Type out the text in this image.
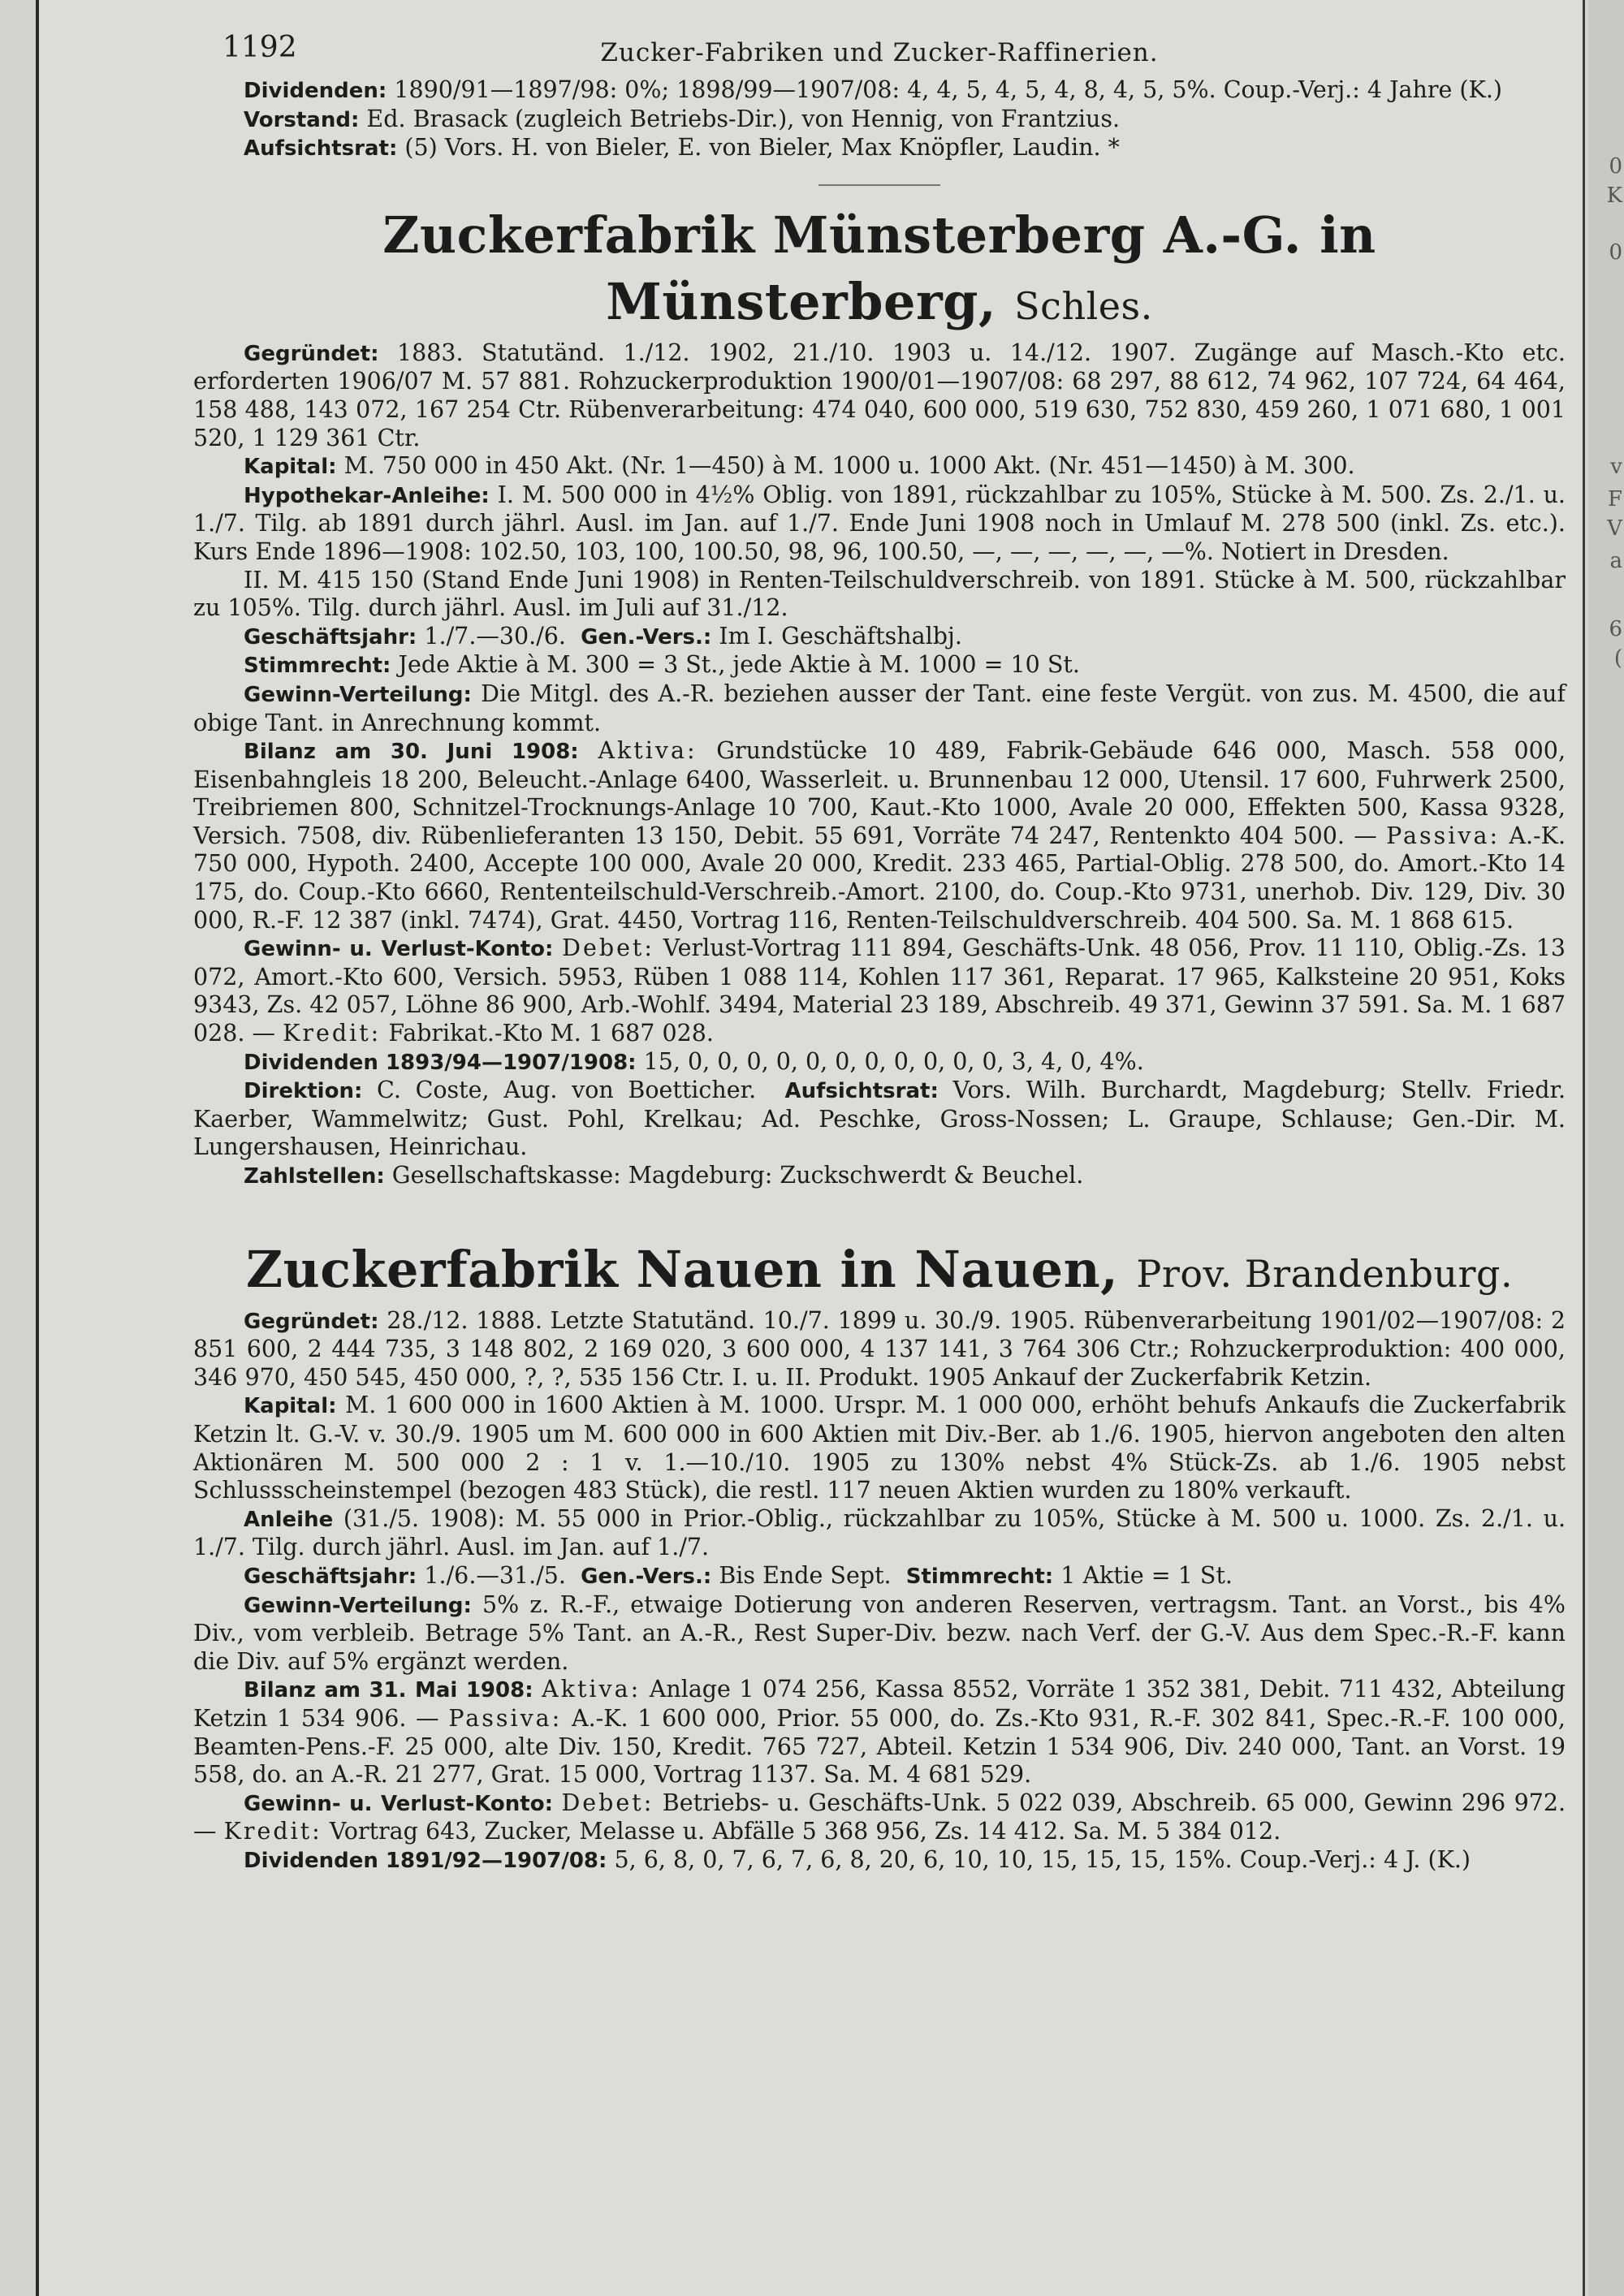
1192	Zucker-Fabriken und Zucker-Raffinerien.

Dividenden: 1890/91—1897/98: 0%; 1898/99—1907/08: 4, 4, 5, 4, 5, 4, 8, 4, 5, 5%. Coup.-Verj.: 4 Jahre (K.)

Vorstand: Ed. Brasack (zugleich Betriebs-Dir.), von Hennig, von Frantzius.

Aufsichtsrat: (5) Vors. H. von Bieler, E. von Bieler, Max Knöpfler, Laudin. *

Zuckerfabrik Münsterberg A.-G. in Münsterberg, Schles.

Gegründet: 1883. Statutänd. 1./12. 1902, 21./10. 1903 u. 14./12. 1907. Zugänge auf Masch.-Kto etc. erforderten 1906/07 M. 57 881. Rohzuckerproduktion 1900/01—1907/08: 68 297, 88 612, 74 962, 107 724, 64 464, 158 488, 143 072, 167 254 Ctr. Rübenverarbeitung: 474 040, 600 000, 519 630, 752 830, 459 260, 1 071 680, 1 001 520, 1 129 361 Ctr.

Kapital: M. 750 000 in 450 Akt. (Nr. 1—450) à M. 1000 u. 1000 Akt. (Nr. 451—1450) à M. 300.

Hypothekar-Anleihe: I. M. 500 000 in 4½% Oblig. von 1891, rückzahlbar zu 105%, Stücke à M. 500. Zs. 2./1. u. 1./7. Tilg. ab 1891 durch jährl. Ausl. im Jan. auf 1./7. Ende Juni 1908 noch in Umlauf M. 278 500 (inkl. Zs. etc.). Kurs Ende 1896—1908: 102.50, 103, 100, 100.50, 98, 96, 100.50, —, —, —, —, —, —%. Notiert in Dresden.

II. M. 415 150 (Stand Ende Juni 1908) in Renten-Teilschuldverschreib. von 1891. Stücke à M. 500, rückzahlbar zu 105%. Tilg. durch jährl. Ausl. im Juli auf 31./12.

Geschäftsjahr: 1./7.—30./6. Gen.-Vers.: Im I. Geschäftshalbj.

Stimmrecht: Jede Aktie à M. 300 = 3 St., jede Aktie à M. 1000 = 10 St.

Gewinn-Verteilung: Die Mitgl. des A.-R. beziehen ausser der Tant. eine feste Vergüt. von zus. M. 4500, die auf obige Tant. in Anrechnung kommt.

Bilanz am 30. Juni 1908: Aktiva: Grundstücke 10 489, Fabrik-Gebäude 646 000, Masch. 558 000, Eisenbahngleis 18 200, Beleucht.-Anlage 6400, Wasserleit. u. Brunnenbau 12 000, Utensil. 17 600, Fuhrwerk 2500, Treibriemen 800, Schnitzel-Trocknungs-Anlage 10 700, Kaut.-Kto 1000, Avale 20 000, Effekten 500, Kassa 9328, Versich. 7508, div. Rübenlieferanten 13 150, Debit. 55 691, Vorräte 74 247, Rentenkto 404 500. — Passiva: A.-K. 750 000, Hypoth. 2400, Accepte 100 000, Avale 20 000, Kredit. 233 465, Partial-Oblig. 278 500, do. Amort.-Kto 14 175, do. Coup.-Kto 6660, Rententeilschuld-Verschreib.-Amort. 2100, do. Coup.-Kto 9731, unerhob. Div. 129, Div. 30 000, R.-F. 12 387 (inkl. 7474), Grat. 4450, Vortrag 116, Renten-Teilschuldverschreib. 404 500. Sa. M. 1 868 615.

Gewinn- u. Verlust-Konto: Debet: Verlust-Vortrag 111 894, Geschäfts-Unk. 48 056, Prov. 11 110, Oblig.-Zs. 13 072, Amort.-Kto 600, Versich. 5953, Rüben 1 088 114, Kohlen 117 361, Reparat. 17 965, Kalksteine 20 951, Koks 9343, Zs. 42 057, Löhne 86 900, Arb.-Wohlf. 3494, Material 23 189, Abschreib. 49 371, Gewinn 37 591. Sa. M. 1 687 028. — Kredit: Fabrikat.-Kto M. 1 687 028.

Dividenden 1893/94—1907/1908: 15, 0, 0, 0, 0, 0, 0, 0, 0, 0, 0, 0, 3, 4, 0, 4%.

Direktion: C. Coste, Aug. von Boetticher. Aufsichtsrat: Vors. Wilh. Burchardt, Magdeburg; Stellv. Friedr. Kaerber, Wammelwitz; Gust. Pohl, Krelkau; Ad. Peschke, Gross-Nossen; L. Graupe, Schlause; Gen.-Dir. M. Lungershausen, Heinrichau.

Zahlstellen: Gesellschaftskasse: Magdeburg: Zuckschwerdt & Beuchel.

Zuckerfabrik Nauen in Nauen, Prov. Brandenburg.

Gegründet: 28./12. 1888. Letzte Statutänd. 10./7. 1899 u. 30./9. 1905. Rübenverarbeitung 1901/02—1907/08: 2 851 600, 2 444 735, 3 148 802, 2 169 020, 3 600 000, 4 137 141, 3 764 306 Ctr.; Rohzuckerproduktion: 400 000, 346 970, 450 545, 450 000, ?, ?, 535 156 Ctr. I. u. II. Produkt. 1905 Ankauf der Zuckerfabrik Ketzin.

Kapital: M. 1 600 000 in 1600 Aktien à M. 1000. Urspr. M. 1 000 000, erhöht behufs Ankaufs die Zuckerfabrik Ketzin lt. G.-V. v. 30./9. 1905 um M. 600 000 in 600 Aktien mit Div.-Ber. ab 1./6. 1905, hiervon angeboten den alten Aktionären M. 500 000 2 : 1 v. 1.—10./10. 1905 zu 130% nebst 4% Stück-Zs. ab 1./6. 1905 nebst Schlussscheinstempel (bezogen 483 Stück), die restl. 117 neuen Aktien wurden zu 180% verkauft.

Anleihe (31./5. 1908): M. 55 000 in Prior.-Oblig., rückzahlbar zu 105%, Stücke à M. 500 u. 1000. Zs. 2./1. u. 1./7. Tilg. durch jährl. Ausl. im Jan. auf 1./7.

Geschäftsjahr: 1./6.—31./5. Gen.-Vers.: Bis Ende Sept. Stimmrecht: 1 Aktie = 1 St.

Gewinn-Verteilung: 5% z. R.-F., etwaige Dotierung von anderen Reserven, vertragsm. Tant. an Vorst., bis 4% Div., vom verbleib. Betrage 5% Tant. an A.-R., Rest Super-Div. bezw. nach Verf. der G.-V. Aus dem Spec.-R.-F. kann die Div. auf 5% ergänzt werden.

Bilanz am 31. Mai 1908: Aktiva: Anlage 1 074 256, Kassa 8552, Vorräte 1 352 381, Debit. 711 432, Abteilung Ketzin 1 534 906. — Passiva: A.-K. 1 600 000, Prior. 55 000, do. Zs.-Kto 931, R.-F. 302 841, Spec.-R.-F. 100 000, Beamten-Pens.-F. 25 000, alte Div. 150, Kredit. 765 727, Abteil. Ketzin 1 534 906, Div. 240 000, Tant. an Vorst. 19 558, do. an A.-R. 21 277, Grat. 15 000, Vortrag 1137. Sa. M. 4 681 529.

Gewinn- u. Verlust-Konto: Debet: Betriebs- u. Geschäfts-Unk. 5 022 039, Abschreib. 65 000, Gewinn 296 972. — Kredit: Vortrag 643, Zucker, Melasse u. Abfälle 5 368 956, Zs. 14 412. Sa. M. 5 384 012.

Dividenden 1891/92—1907/08: 5, 6, 8, 0, 7, 6, 7, 6, 8, 20, 6, 10, 10, 15, 15, 15, 15%. Coup.-Verj.: 4 J. (K.)

0
K
0
v
F
V
a
6
(
